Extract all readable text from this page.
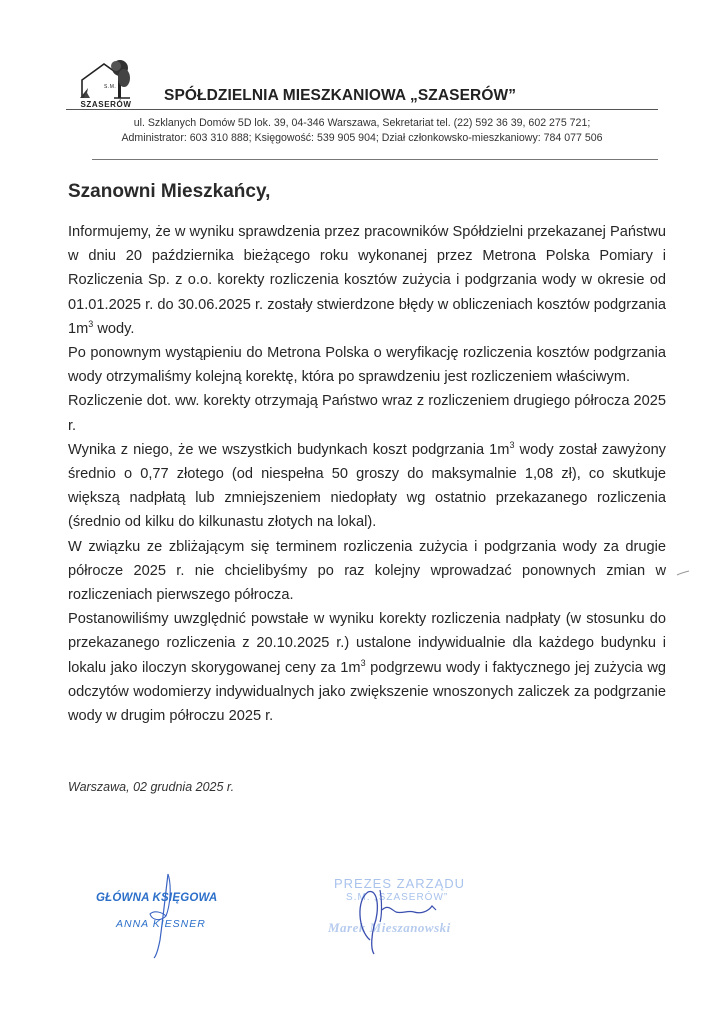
S.M.
SZASERÓW
SPÓŁDZIELNIA MIESZKANIOWA „SZASERÓW”
ul. Szklanych Domów 5D lok. 39, 04-346 Warszawa, Sekretariat tel. (22) 592 36 39, 602 275 721;
Administrator: 603 310 888; Księgowość: 539 905 904; Dział członkowsko-mieszkaniowy: 784 077 506
Szanowni Mieszkańcy,

Informujemy, że w wyniku sprawdzenia przez pracowników Spółdzielni przekazanej Państwu w dniu 20 października bieżącego roku wykonanej przez Metrona Polska Pomiary i Rozliczenia Sp. z o.o. korekty rozliczenia kosztów zużycia i podgrzania wody w okresie od 01.01.2025 r. do 30.06.2025 r. zostały stwierdzone błędy w obliczeniach kosztów podgrzania $1m^3$ wody.

Po ponownym wystąpieniu do Metrona Polska o weryfikację rozliczenia kosztów podgrzania wody otrzymaliśmy kolejną korektę, która po sprawdzeniu jest rozliczeniem właściwym.

Rozliczenie dot. ww. korekty otrzymają Państwo wraz z rozliczeniem drugiego półrocza 2025 r.

Wynika z niego, że we wszystkich budynkach koszt podgrzania $1m^3$ wody został zawyżony średnio o 0,77 złotego (od niespełna 50 groszy do maksymalnie 1,08 zł), co skutkuje większą nadpłatą lub zmniejszeniem niedopłaty wg ostatnio przekazanego rozliczenia (średnio od kilku do kilkunastu złotych na lokal).

W związku ze zbliżającym się terminem rozliczenia zużycia i podgrzania wody za drugie półrocze 2025 r. nie chcielibyśmy po raz kolejny wprowadzać ponownych zmian w rozliczeniach pierwszego półrocza.

Postanowiliśmy uwzględnić powstałe w wyniku korekty rozliczenia nadpłaty (w stosunku do przekazanego rozliczenia z 20.10.2025 r.) ustalone indywidualnie dla każdego budynku i lokalu jako iloczyn skorygowanej ceny za $1m^3$ podgrzewu wody i faktycznego jej zużycia wg odczytów wodomierzy indywidualnych jako zwiększenie wnoszonych zaliczek za podgrzanie wody w drugim półroczu 2025 r.

Warszawa, 02 grudnia 2025 r.
GŁÓWNA KSIĘGOWA
ANNA KIESNER
PREZES ZARZĄDU
S.M. „SZASERÓW”
Marek Mieszanowski
